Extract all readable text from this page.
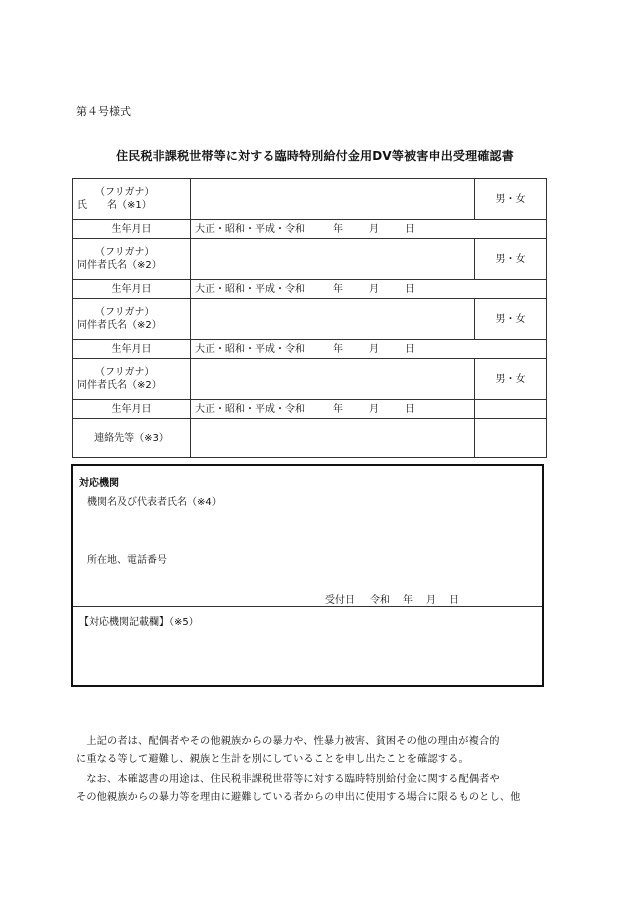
第４号様式
住民税非課税世帯等に対する臨時特別給付金用DV等被害申出受理確認書
（フリガナ）
氏　　名（※1）		男・女
生年月日	大正・昭和・平成・令和 年 月 日	

（フリガナ）
同伴者氏名（※2）		男・女
生年月日	大正・昭和・平成・令和 年 月 日	

（フリガナ）
同伴者氏名（※2）		男・女
生年月日	大正・昭和・平成・令和 年 月 日	

（フリガナ）
同伴者氏名（※2）		男・女
生年月日	大正・昭和・平成・令和 年 月 日	

連絡先等（※3）		
対応機関
機関名及び代表者氏名（※4）
所在地、電話番号
受付日	令和	年	月	日
【対応機関記載欄】（※5）
　上記の者は、配偶者やその他親族からの暴力や、性暴力被害、貧困その他の理由が複合的
に重なる等して避難し、親族と生計を別にしていることを申し出たことを確認する。
　なお、本確認書の用途は、住民税非課税世帯等に対する臨時特別給付金に関する配偶者や
その他親族からの暴力等を理由に避難している者からの申出に使用する場合に限るものとし、他
